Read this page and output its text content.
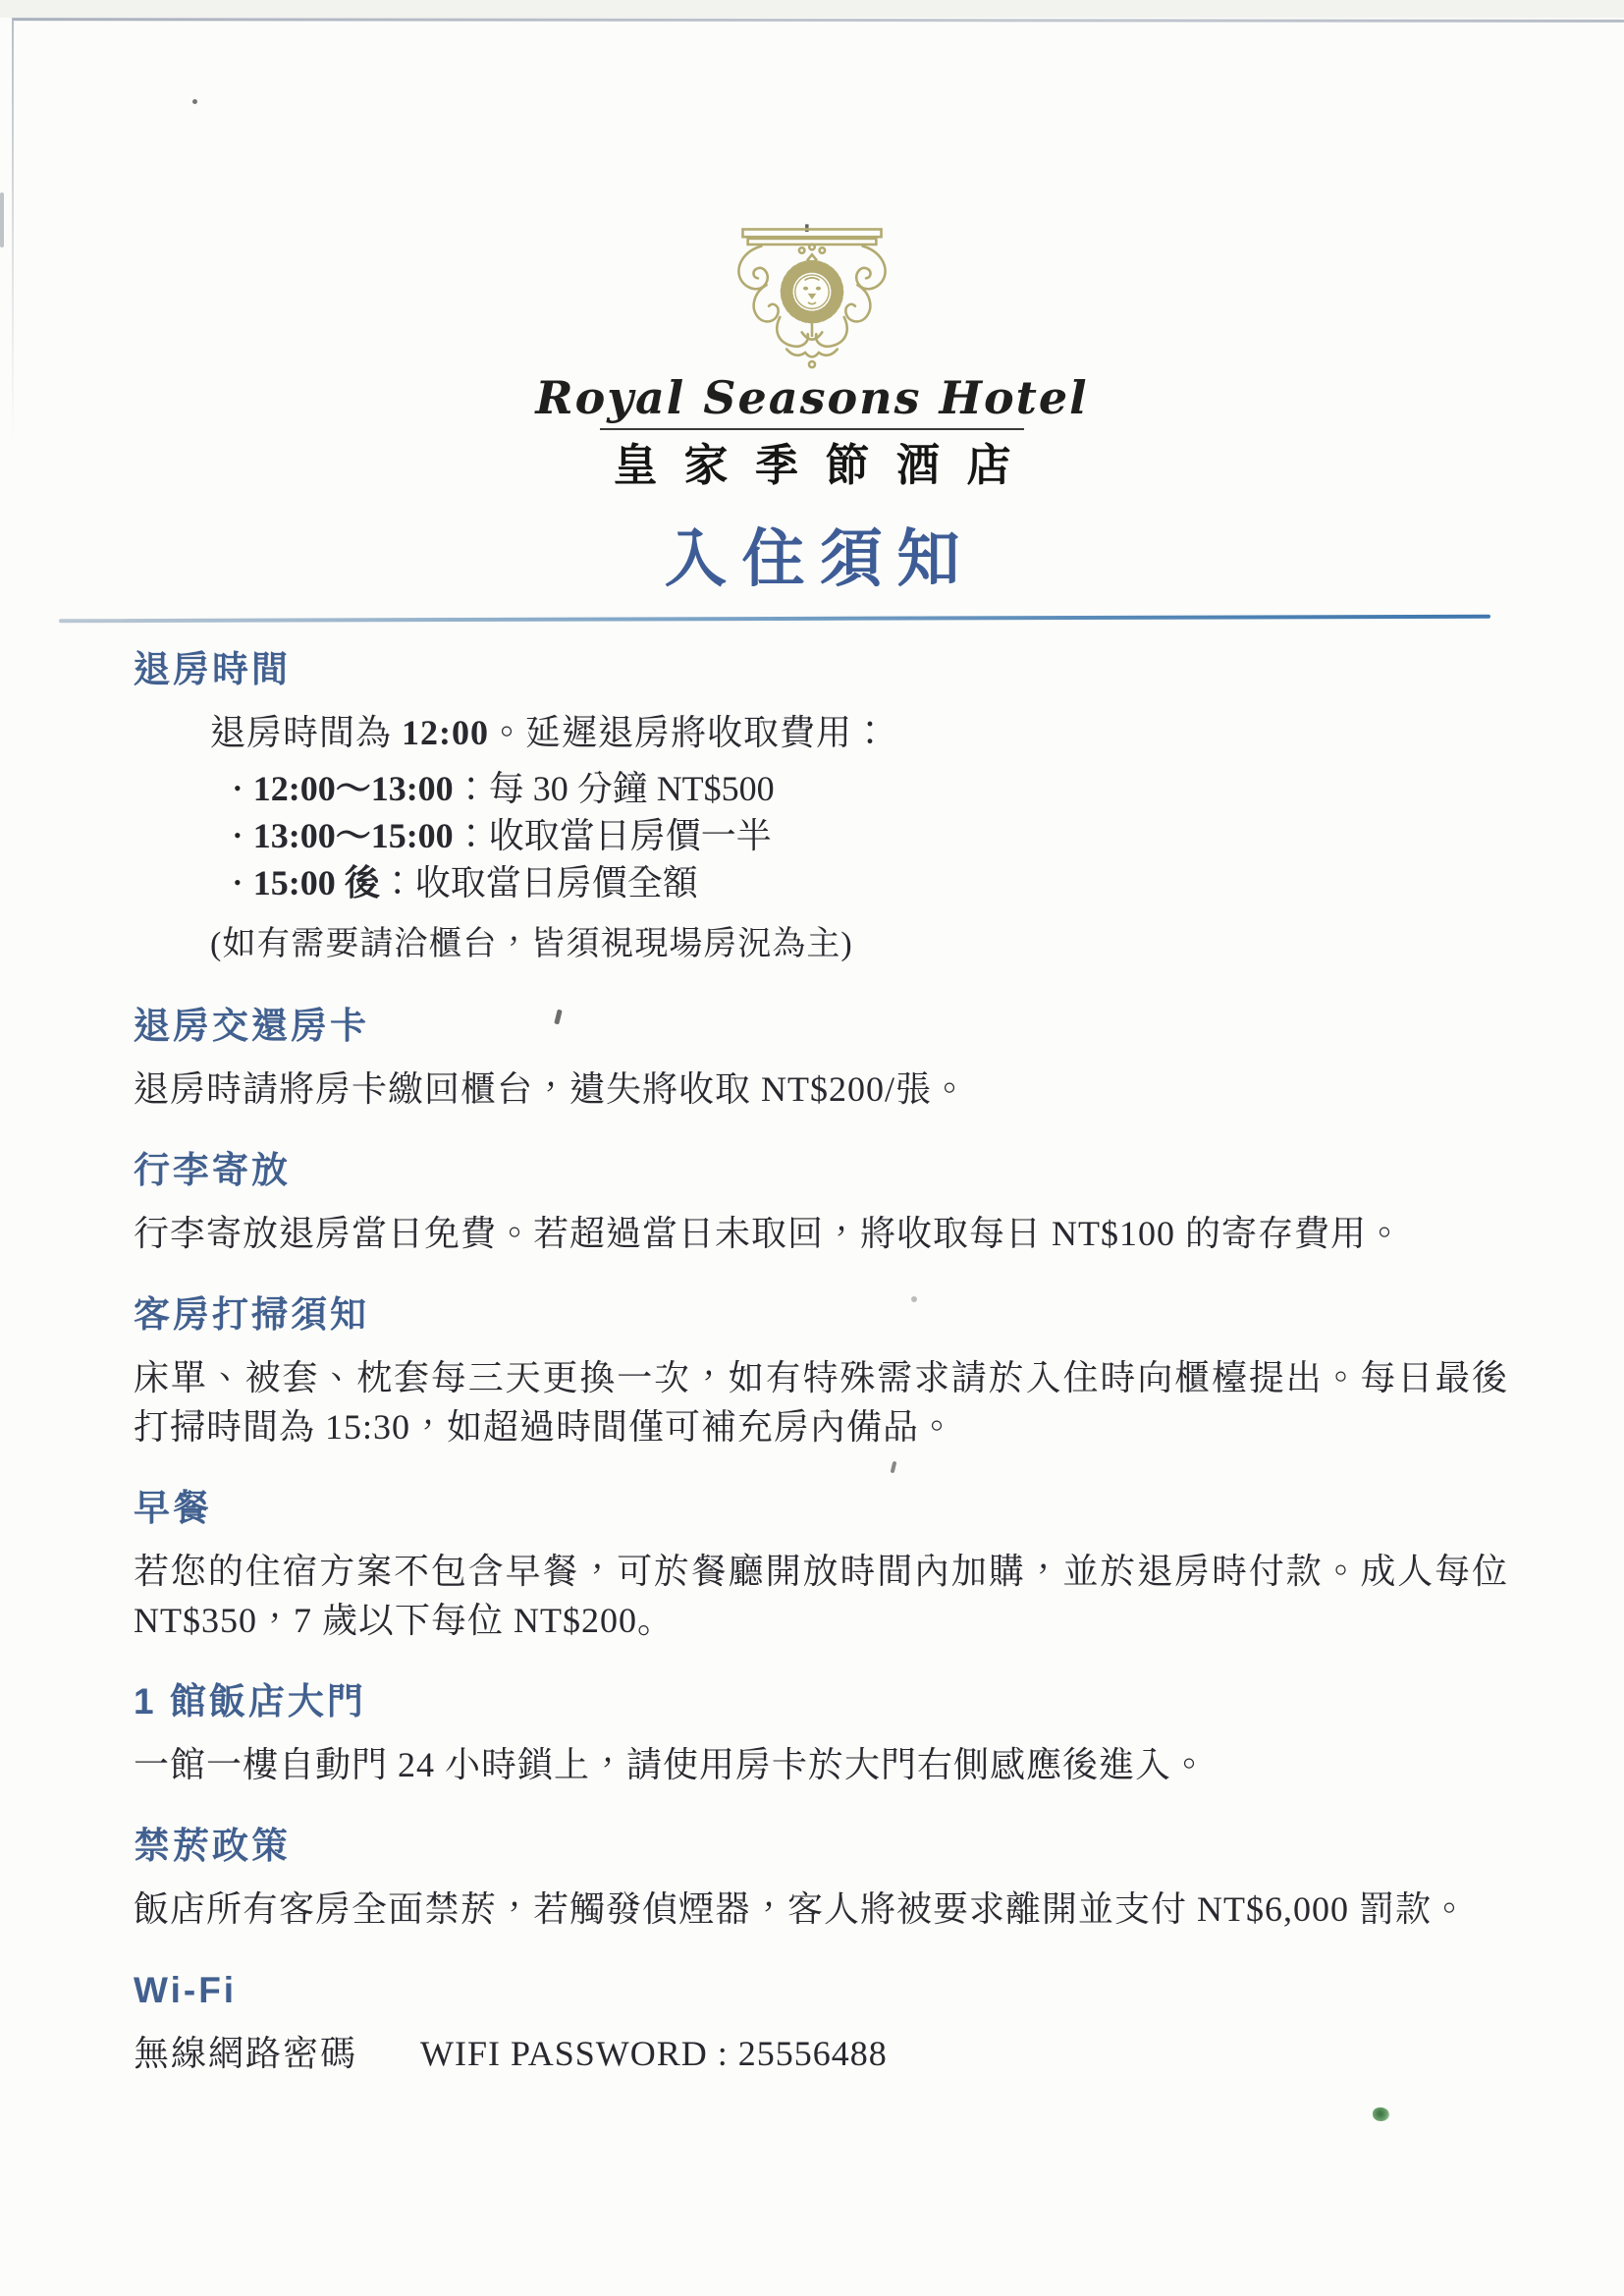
Royal Seasons Hotel
皇家季節酒店
入住須知
退房時間

退房時間為 12:00。延遲退房將收取費用：

• 12:00～13:00：每 30 分鐘 NT$500
• 13:00～15:00：收取當日房價一半
• 15:00 後：收取當日房價全額

(如有需要請洽櫃台，皆須視現場房況為主)

退房交還房卡

退房時請將房卡繳回櫃台，遺失將收取 NT$200/張。

行李寄放

行李寄放退房當日免費。若超過當日未取回，將收取每日 NT$100 的寄存費用。

客房打掃須知

床單、被套、枕套每三天更換一次，如有特殊需求請於入住時向櫃檯提出。每日最後打掃時間為 15:30，如超過時間僅可補充房內備品。

早餐

若您的住宿方案不包含早餐，可於餐廳開放時間內加購，並於退房時付款。成人每位 NT$350，7 歲以下每位 NT$200。

1 館飯店大門

一館一樓自動門 24 小時鎖上，請使用房卡於大門右側感應後進入。

禁菸政策

飯店所有客房全面禁菸，若觸發偵煙器，客人將被要求離開並支付 NT$6,000 罰款。

Wi-Fi

無線網路密碼 WIFI PASSWORD : 25556488
